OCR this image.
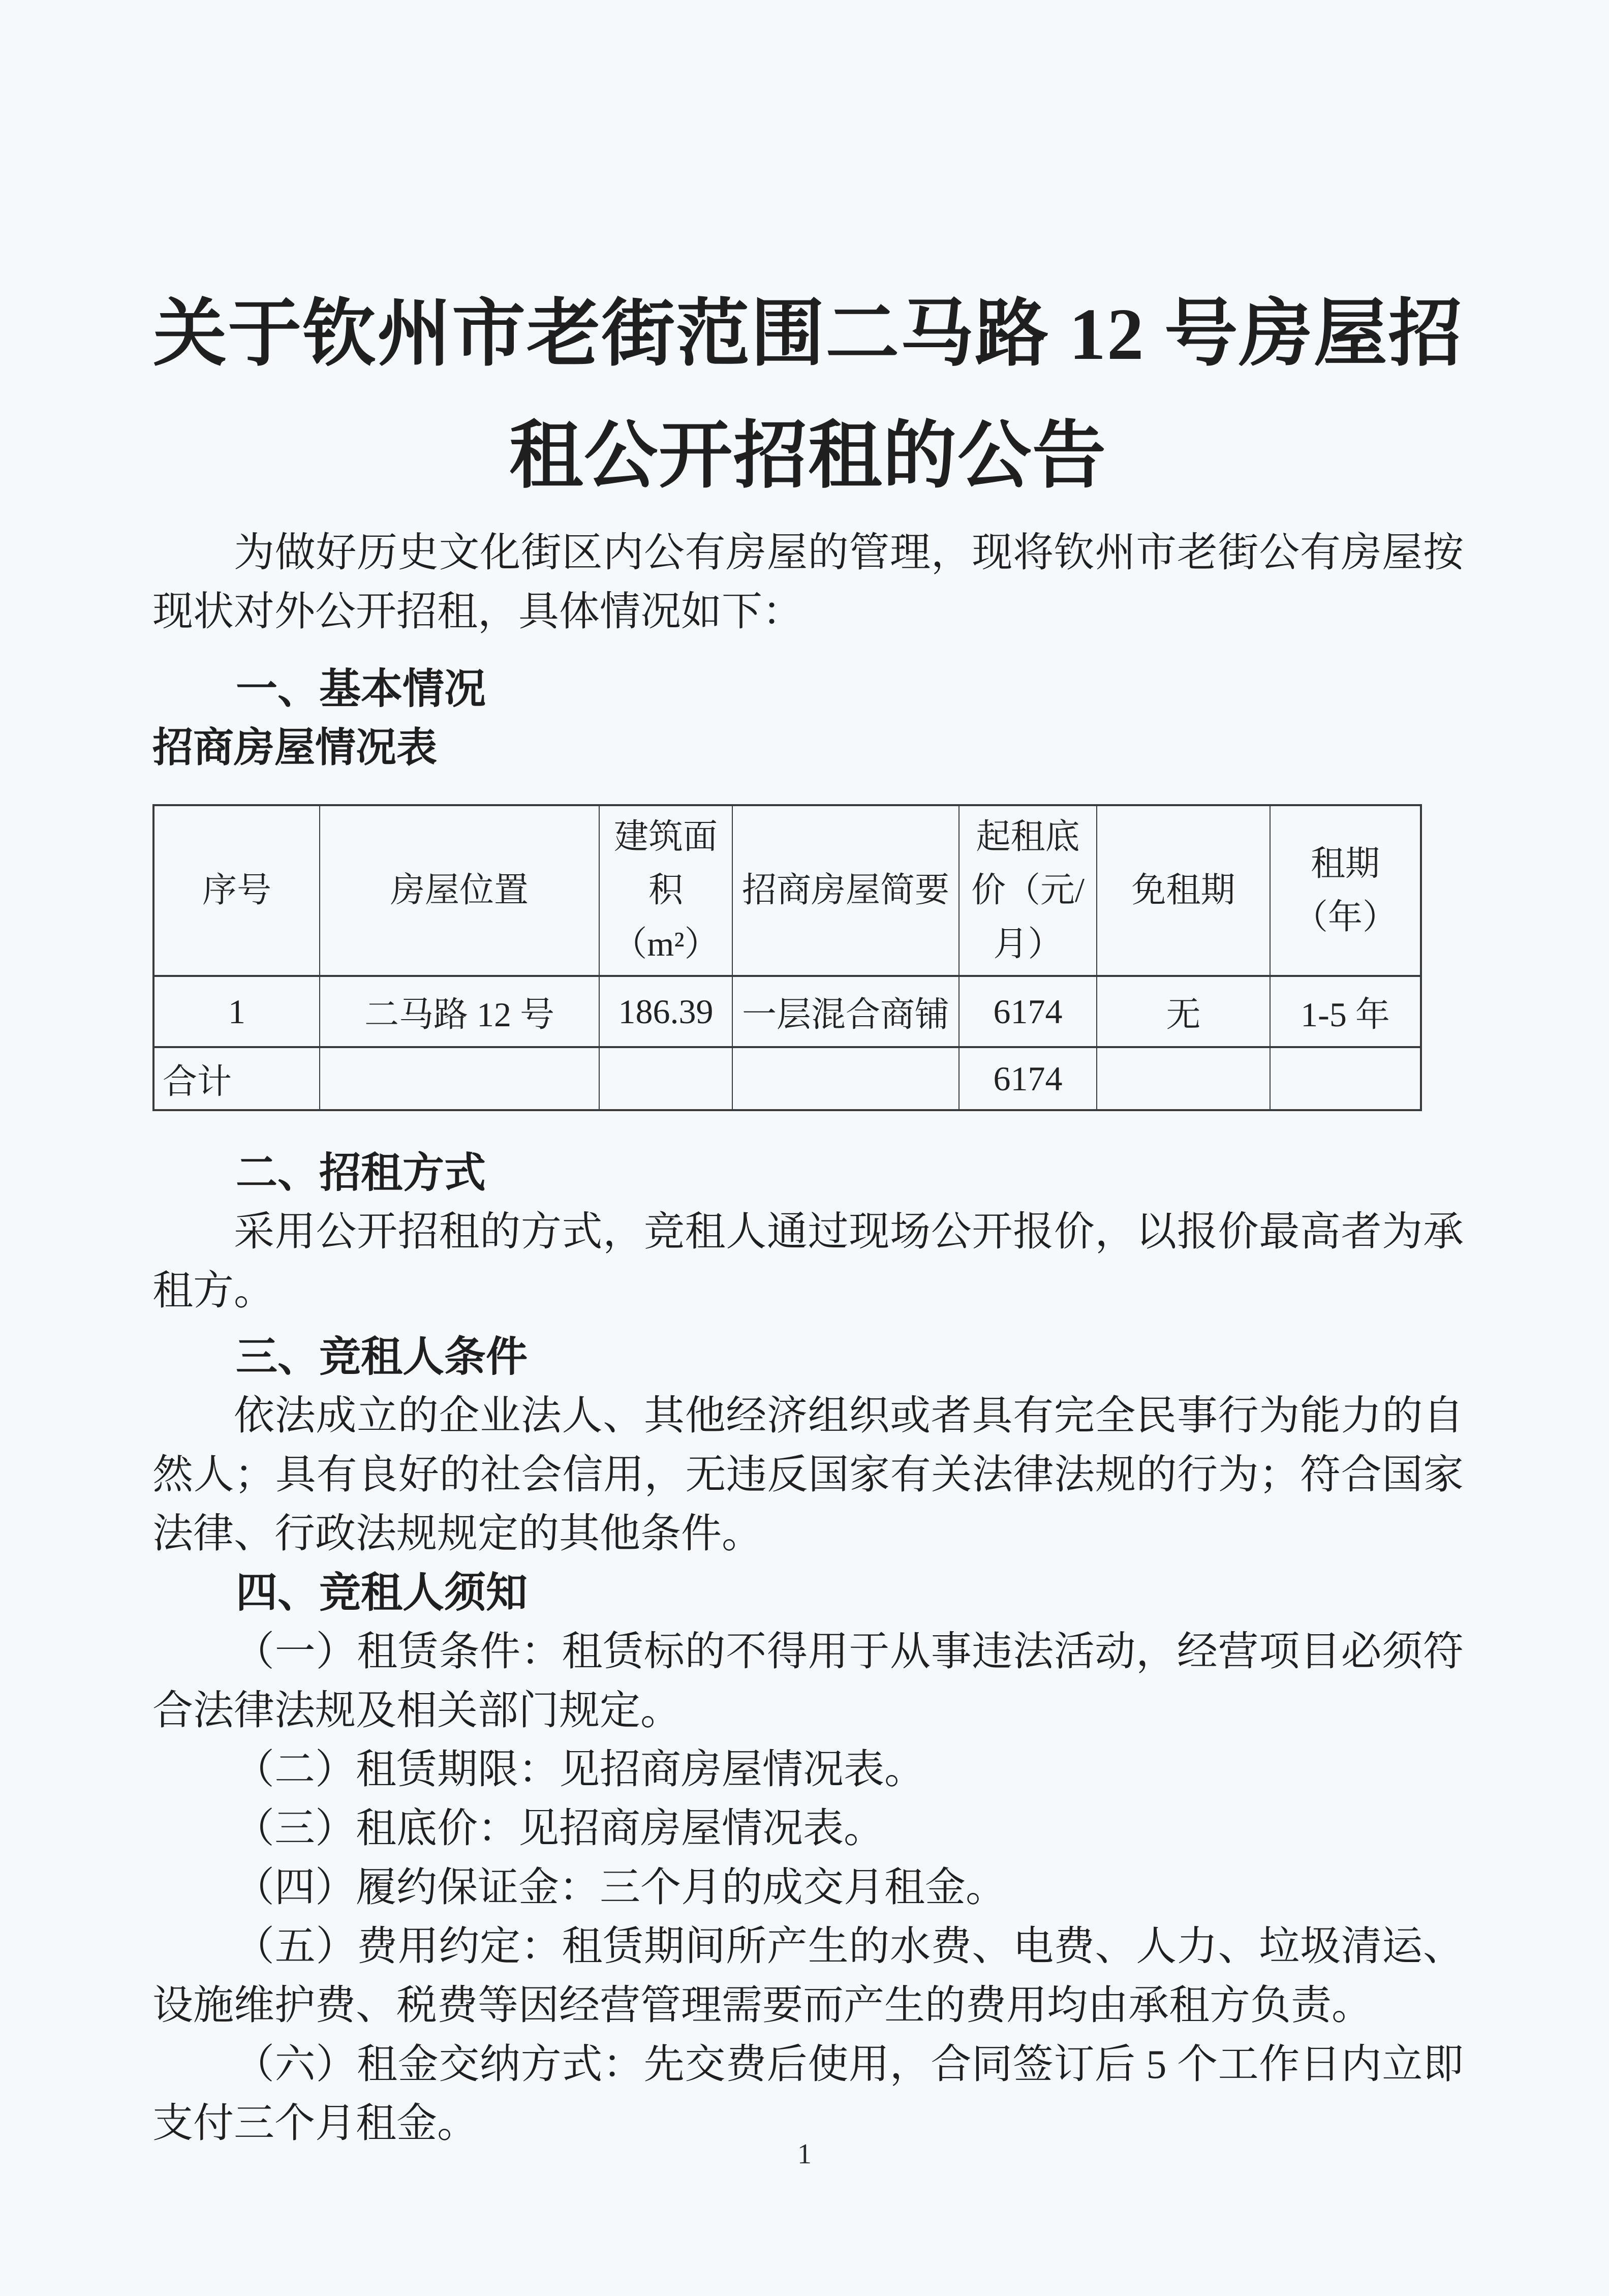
关于钦州市老街范围二马路 12 号房屋招
租公开招租的公告

为做好历史文化街区内公有房屋的管理，现将钦州市老街公有房屋按现状对外公开招租，具体情况如下：

一、基本情况

招商房屋情况表

序号	房屋位置	建筑面积（m²）	招商房屋简要	起租底价（元/月）	免租期	租期（年）
1	二马路 12 号	186.39	一层混合商铺	6174	无	1-5 年
合计				6174		
二、招租方式

采用公开招租的方式，竞租人通过现场公开报价，以报价最高者为承租方。

三、竞租人条件

依法成立的企业法人、其他经济组织或者具有完全民事行为能力的自然人；具有良好的社会信用，无违反国家有关法律法规的行为；符合国家法律、行政法规规定的其他条件。

四、竞租人须知

（一）租赁条件：租赁标的不得用于从事违法活动，经营项目必须符合法律法规及相关部门规定。

（二）租赁期限：见招商房屋情况表。

（三）租底价：见招商房屋情况表。

（四）履约保证金：三个月的成交月租金。

（五）费用约定：租赁期间所产生的水费、电费、人力、垃圾清运、设施维护费、税费等因经营管理需要而产生的费用均由承租方负责。

（六）租金交纳方式：先交费后使用，合同签订后 5 个工作日内立即支付三个月租金。

1
